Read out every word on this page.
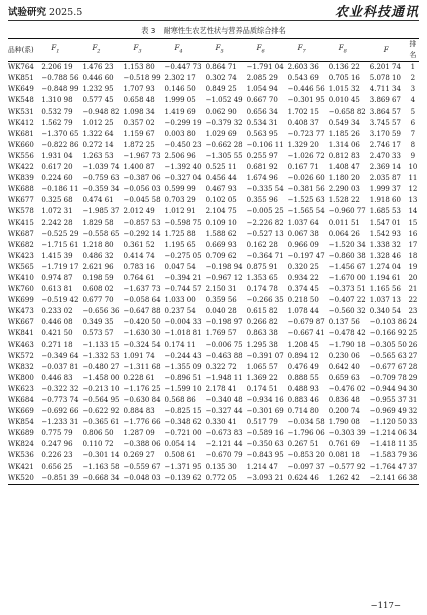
试验研究 2025.5	农业科技通讯
表 3 耐寒性生农艺性状与营养品质综合排名
品种(系)	$F_1$	$F_2$	$F_3$	$F_4$	$F_5$	$F_6$	$F_7$	$F_8$	F	排名
WK764	2.206 19	1.476 23	1.153 80	−0.447 73	0.864 71	−1.791 04	2.603 36	0.136 22	6.201 74	1
WK851	−0.788 56	0.446 60	−0.518 99	2.302 17	0.302 74	2.085 29	0.543 69	0.705 16	5.078 10	2
WK649	−0.848 99	1.232 95	1.707 93	0.146 50	0.849 25	1.054 94	−0.446 56	1.015 32	4.711 34	3
WK548	1.310 98	0.577 45	0.658 48	1.999 05	−1.052 49	0.667 70	−0.301 95	0.010 45	3.869 67	4
WK531	0.532 79	−0.948 82	1.098 34	1.419 69	0.062 90	0.656 34	1.702 15	−0.658 82	3.864 57	5
WK412	1.562 79	1.012 25	0.357 02	−0.299 19	−0.379 32	0.534 31	0.408 37	0.549 34	3.745 57	6
WK681	−1.370 65	1.322 64	1.159 67	0.003 80	1.029 69	0.563 95	−0.723 77	1.185 26	3.170 59	7
WK660	−0.822 86	0.272 14	1.872 25	−0.450 23	−0.662 28	−0.106 11	1.329 20	1.314 06	2.746 17	8
WK556	1.931 04	1.263 53	−1.967 73	2.506 96	−1.305 55	0.255 97	−1.026 72	0.812 83	2.470 33	9
WK422	0.617 20	−1.039 74	1.400 87	−1.392 40	0.525 11	0.681 92	0.167 71	1.408 47	2.369 14	10
WK839	0.224 60	−0.759 63	−0.387 06	−0.327 04	0.456 44	1.674 96	−0.026 60	1.180 20	2.035 87	11
WK688	−0.186 11	−0.359 34	−0.056 03	0.599 99	0.467 93	−0.335 54	−0.381 56	2.290 03	1.999 37	12
WK677	0.325 68	0.474 61	−0.045 58	0.703 29	0.102 05	0.355 96	−1.525 63	1.528 22	1.918 60	13
WK578	1.072 31	−1.985 37	2.012 49	1.012 91	2.104 75	−0.005 25	−1.565 54	−0.960 77	1.685 53	14
WK415	2.242 28	1.829 58	−0.857 53	−0.598 75	0.109 10	−2.226 82	1.037 64	0.011 51	1.547 01	15
WK687	−0.525 29	−0.558 65	−0.292 14	1.725 88	1.588 62	−0.527 13	0.067 38	0.064 26	1.542 93	16
WK682	−1.715 61	1.218 80	0.361 52	1.195 65	0.669 93	0.162 28	0.966 09	−1.520 34	1.338 32	17
WK423	1.415 39	0.486 32	0.414 74	−0.275 05	0.709 62	−0.364 71	−0.197 47	−0.860 38	1.328 46	18
WK565	−1.719 17	2.621 96	0.783 16	0.047 54	−0.198 94	0.875 91	0.320 25	−1.456 67	1.274 04	19
WK410	0.974 87	0.198 59	0.764 61	−0.394 21	−0.967 12	1.353 65	0.934 22	−1.670 00	1.194 61	20
WK760	0.613 81	0.608 02	−1.637 73	−0.744 57	2.150 31	0.174 78	0.374 45	−0.373 51	1.165 56	21
WK699	−0.519 42	0.677 70	−0.058 64	1.033 00	0.359 56	−0.266 35	0.218 50	−0.407 22	1.037 13	22
WK473	0.233 02	−0.656 36	−0.647 88	0.237 54	0.040 28	0.615 82	1.078 44	−0.560 32	0.340 54	23
WK667	0.446 08	0.349 35	−0.420 50	−0.004 33	−0.198 97	0.266 82	−0.679 87	0.137 56	−0.103 86	24
WK841	0.421 50	0.573 57	−1.630 30	−1.018 81	1.769 57	0.863 38	−0.667 41	−0.478 42	−0.166 92	25
WK463	0.271 18	−1.133 15	−0.324 54	0.174 11	−0.006 75	1.295 38	1.208 45	−1.790 18	−0.305 50	26
WK572	−0.349 64	−1.332 53	1.091 74	−0.244 43	−0.463 88	−0.391 07	0.894 12	0.230 06	−0.565 63	27
WK832	−0.037 81	−0.480 27	−1.311 68	−1.355 09	0.322 72	1.065 57	0.476 49	0.642 40	−0.677 67	28
WK800	0.446 83	−1.458 00	0.228 61	−0.896 51	−1.948 11	1.369 22	0.888 55	0.659 63	−0.709 78	29
WK623	−0.322 32	−0.213 10	−1.176 25	−1.599 10	2.178 41	0.174 51	0.488 93	−0.476 02	−0.944 94	30
WK684	−0.773 74	−0.564 95	−0.630 84	0.568 86	−0.340 48	−0.934 16	0.883 46	0.836 48	−0.955 37	31
WK669	−0.692 66	−0.622 92	0.884 83	−0.825 15	−0.327 44	−0.301 69	0.714 80	0.200 74	−0.969 49	32
WK854	−1.233 31	−0.365 61	−1.776 66	−0.348 62	0.330 41	0.517 79	−0.034 58	1.790 08	−1.120 50	33
WK689	0.775 79	0.806 50	1.287 09	−0.721 00	−0.673 83	−0.589 16	−1.796 06	−0.303 39	−1.214 06	34
WK824	0.247 96	0.110 72	−0.388 06	0.054 14	−2.121 44	−0.350 63	0.267 51	0.761 69	−1.418 11	35
WK536	0.226 23	−0.301 14	0.269 27	0.508 61	−0.670 79	−0.843 95	−0.853 20	0.081 18	−1.583 79	36
WK421	0.656 25	−1.163 58	−0.559 67	−1.371 95	0.135 30	1.214 47	−0.097 37	−0.577 92	−1.764 47	37
WK520	−0.851 39	−0.668 34	−0.048 03	−0.139 62	0.772 05	−3.093 21	0.624 46	1.262 42	−2.141 66	38
−117−
